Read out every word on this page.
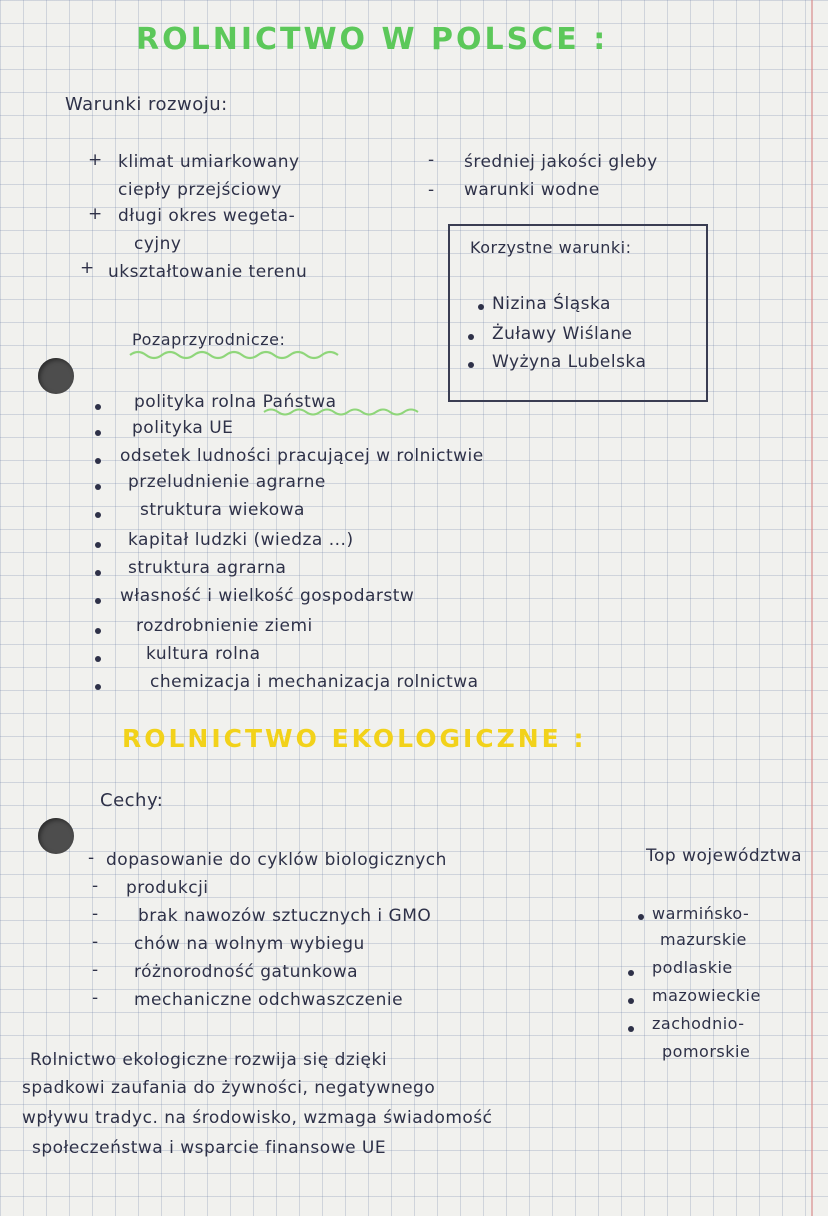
ROLNICTWO W POLSCE :
Warunki rozwoju:
+ klimat umiarkowany
ciepły przejściowy
+ długi okres wegeta-
cyjny
+ ukształtowanie terenu
- średniej jakości gleby
- warunki wodne
Korzystne warunki:
Nizina Śląska
Żuławy Wiślane
Wyżyna Lubelska
Pozaprzyrodnicze:
polityka rolna Państwa
polityka UE
odsetek ludności pracującej w rolnictwie
przeludnienie agrarne
struktura wiekowa
kapitał ludzki (wiedza ...)
struktura agrarna
własność i wielkość gospodarstw
rozdrobnienie ziemi
kultura rolna
chemizacja i mechanizacja rolnictwa
ROLNICTWO EKOLOGICZNE :
Cechy:
- dopasowanie do cyklów biologicznych
- produkcji
- brak nawozów sztucznych i GMO
- chów na wolnym wybiegu
- różnorodność gatunkowa
- mechaniczne odchwaszczenie
Top województwa
warmińsko-
mazurskie
podlaskie
mazowieckie
zachodnio-
pomorskie
Rolnictwo ekologiczne rozwija się dzięki
spadkowi zaufania do żywności, negatywnego
wpływu tradyc. na środowisko, wzmaga świadomość
społeczeństwa i wsparcie finansowe UE
